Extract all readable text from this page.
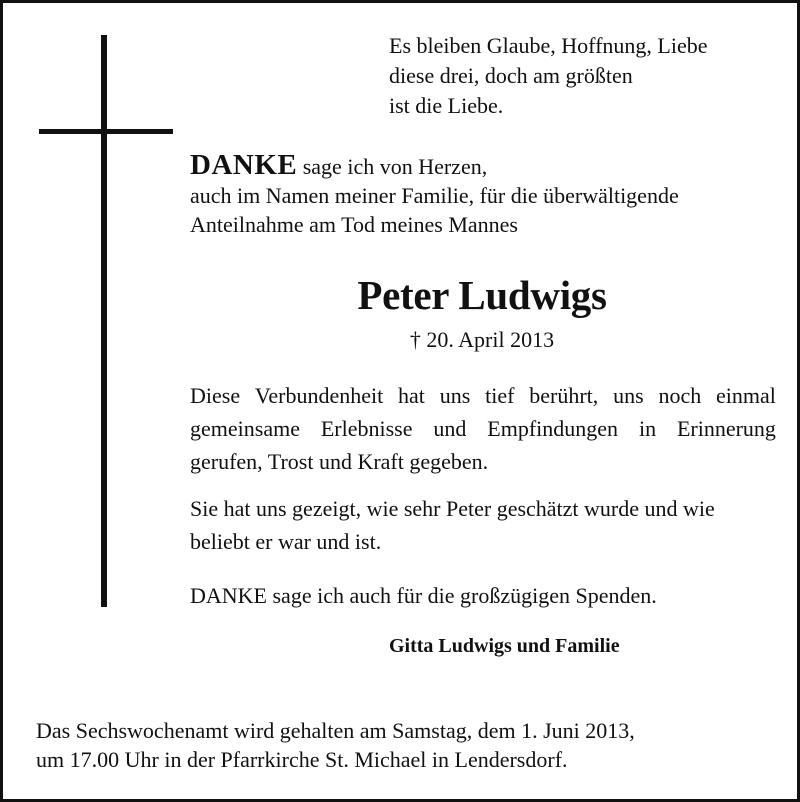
Es bleiben Glaube, Hoffnung, Liebe
diese drei, doch am größten
ist die Liebe.
DANKE sage ich von Herzen,
auch im Namen meiner Familie, für die überwältigende
Anteilnahme am Tod meines Mannes
Peter Ludwigs
† 20. April 2013
Diese Verbundenheit hat uns tief berührt, uns noch einmal
gemeinsame Erlebnisse und Empfindungen in Erinnerung
gerufen, Trost und Kraft gegeben.
Sie hat uns gezeigt, wie sehr Peter geschätzt wurde und wie
beliebt er war und ist.
DANKE sage ich auch für die großzügigen Spenden.
Gitta Ludwigs und Familie
Das Sechswochenamt wird gehalten am Samstag, dem 1. Juni 2013,
um 17.00 Uhr in der Pfarrkirche St. Michael in Lendersdorf.
